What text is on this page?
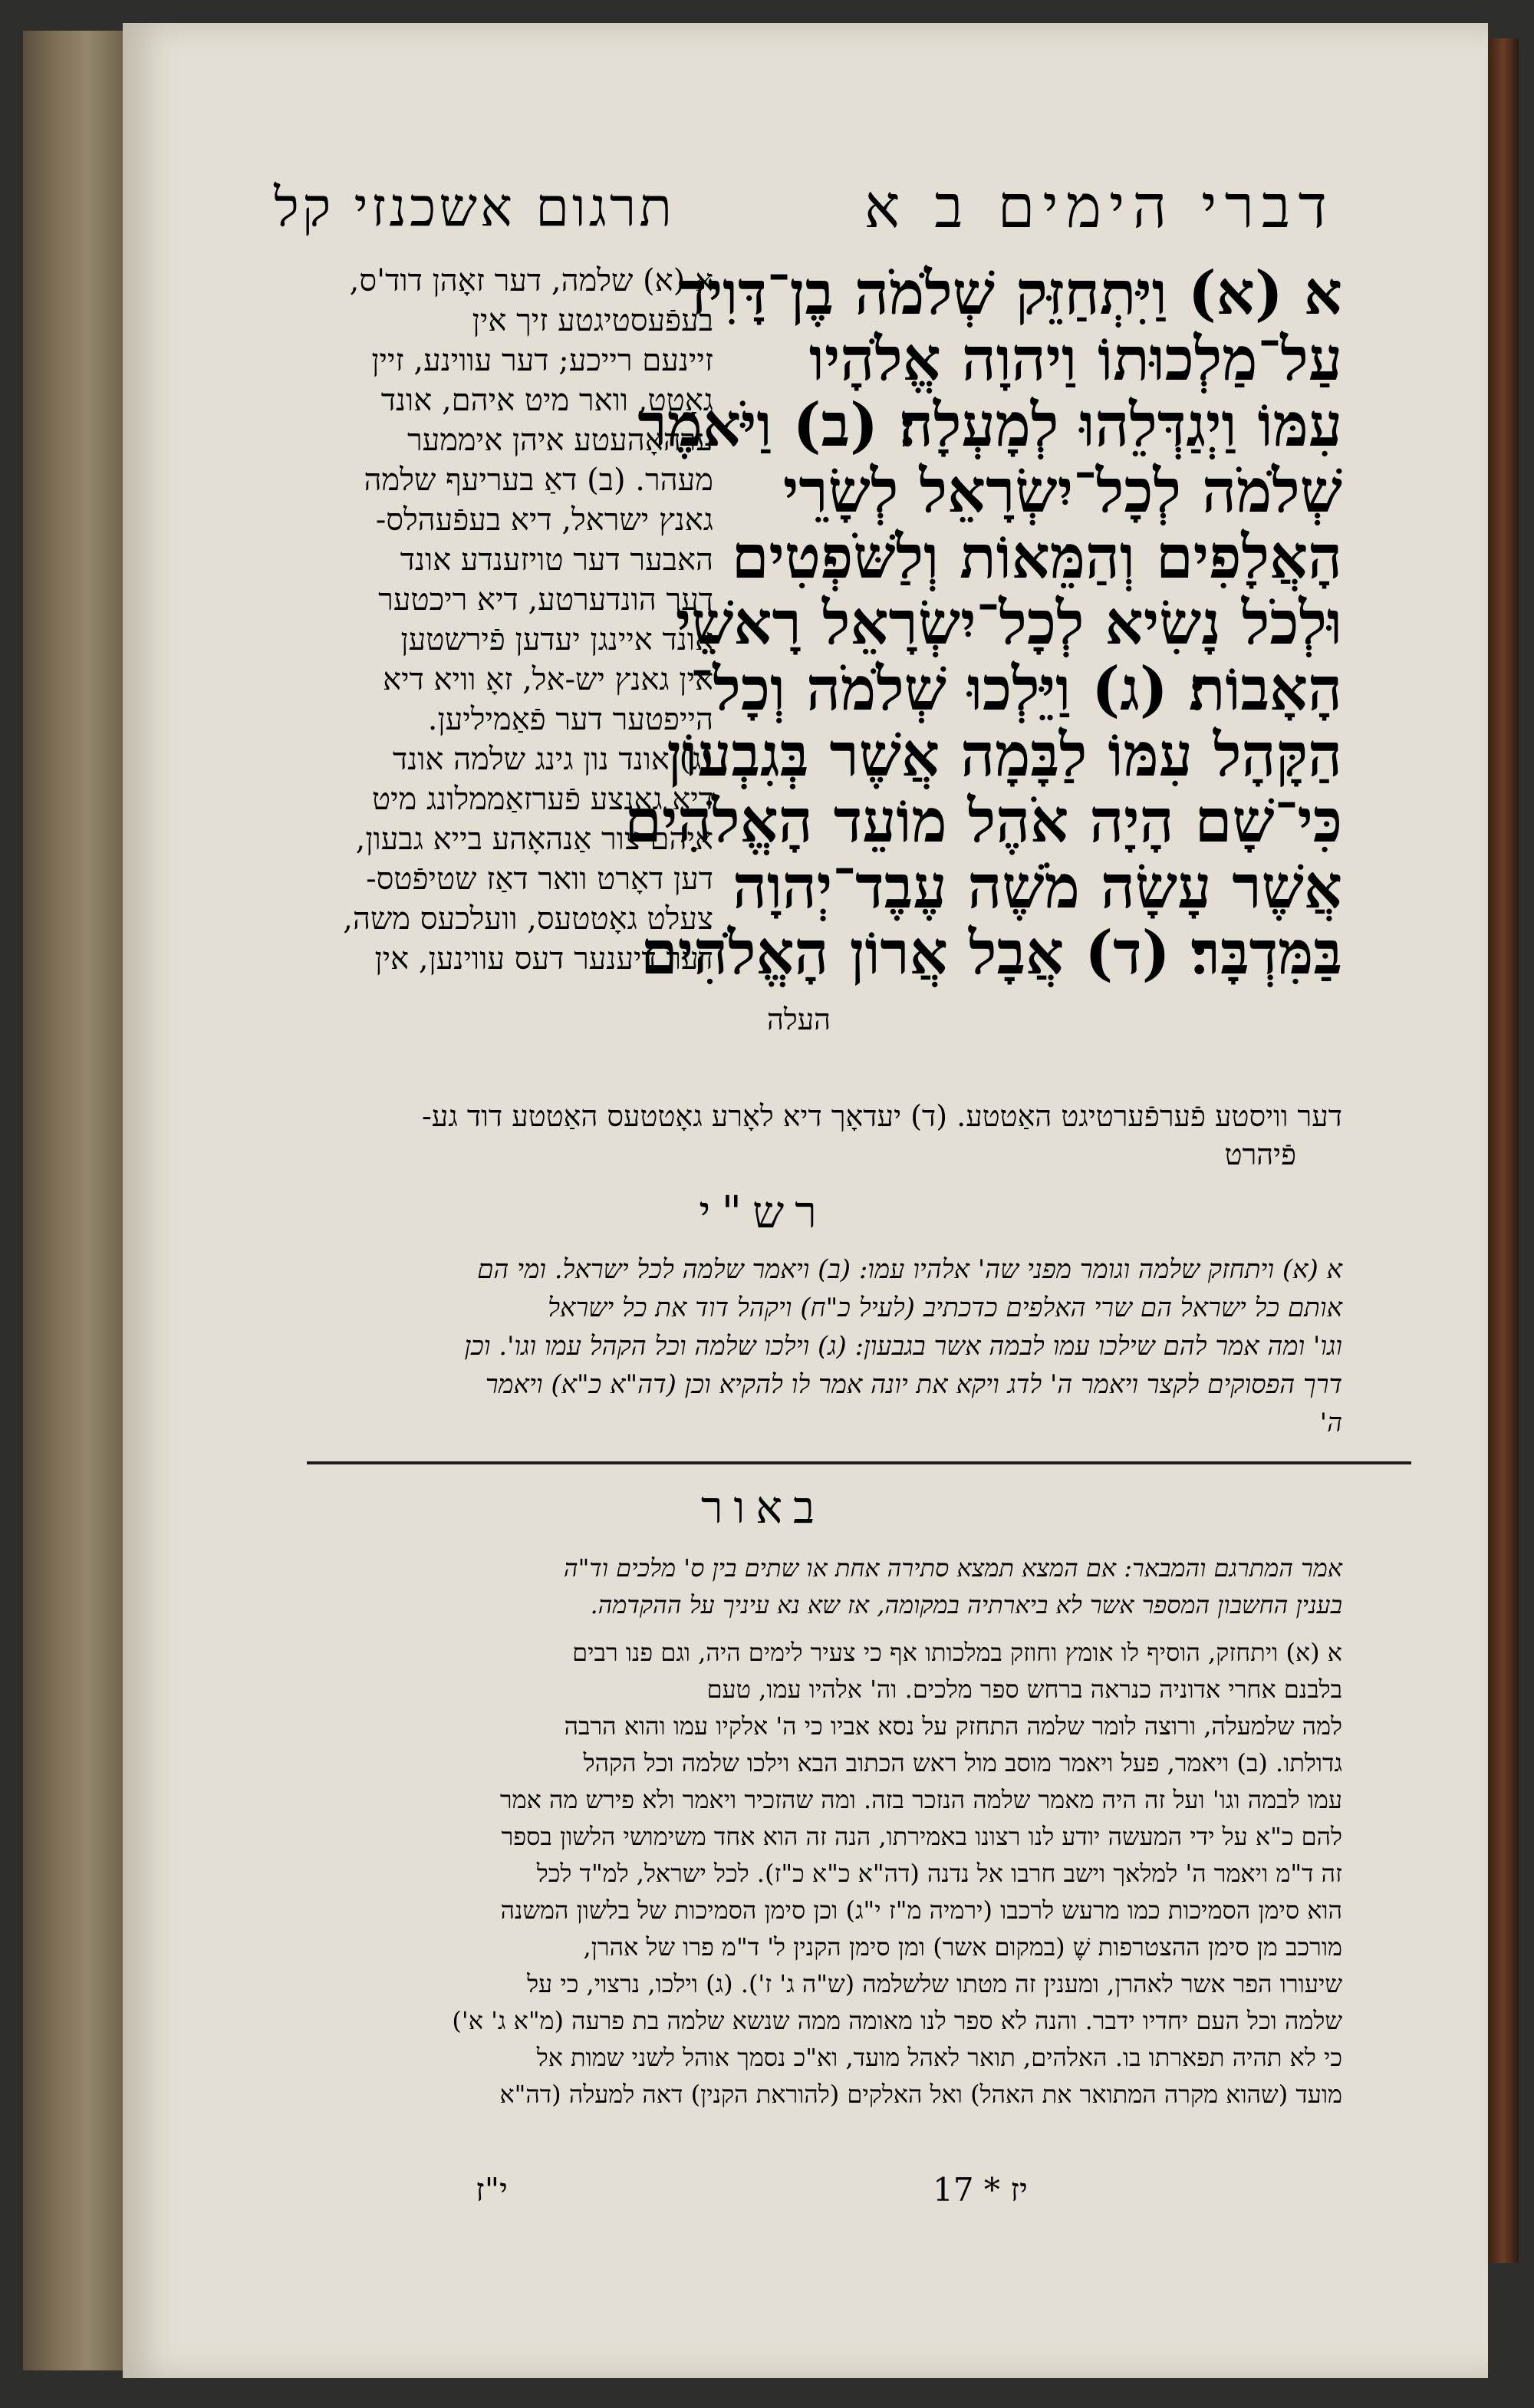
דברי הימים ב א
תרגום אשכנזי קל
א (א) וַיִּתְחַזֵּק שְׁלֹמֹה בֶן־דָּוִיד
עַל־מַלְכוּתוֹ וַיהוָה אֱלֹהָיו
עִמּוֹ וַיְגַדְּלֵהוּ לְמָעְלָה׃ (ב) וַיֹּאמֶר
שְׁלֹמֹה לְכָל־יִשְׂרָאֵל לְשָׂרֵי
הָאֲלָפִים וְהַמֵּאוֹת וְלַשֹּׁפְטִים
וּלְכֹל נָשִׂיא לְכָל־יִשְׂרָאֵל רָאשֵׁי
הָאָבוֹת׃ (ג) וַיֵּלְכוּ שְׁלֹמֹה וְכָל־
הַקָּהָל עִמּוֹ לַבָּמָה אֲשֶׁר בְּגִבְעוֹן
כִּי־שָׁם הָיָה אֹהֶל מוֹעֵד הָאֱלֹהִים
אֲשֶׁר עָשָׂה מֹשֶׁה עֶבֶד־יְהוָה
בַּמִּדְבָּר׃ (ד) אֲבָל אֲרוֹן הָאֱלֹהִים
העלה
א (א) שלמה, דער זאָהן דוד'ס,
בעפֿעסטיגטע זיך אין
זיינעם רייכע; דער עווינע, זיין
גאָטט, וואר מיט איהם, אונד
ערהאָהעטע איהן איממער
מעהר. (ב) דאַ בעריעף שלמה
גאנץ ישראל, דיא בעפֿעהלס-
האבער דער טויזענדע אונד
דער הונדערטע, דיא ריכטער
אונד איינגן יעדען פֿירשטען
אין גאנץ יש-אל, זאָ וויא דיא
הייפטער דער פֿאַמיליען.
(ג) אונד נון גינג שלמה אונד
דיא גאנצע פֿערזאַממלונג מיט
איהם צור אַנהאָהע בייא גבעון,
דען דאָרט וואר דאַז שטיפֿטס-
צעלט גאָטטעס, וועלכעס משה,
דער דיענער דעס עווינען, אין
דער וויסטע פֿערפֿערטיגט האַטטע. (ד) יעדאָך דיא לאָרע גאָטטעס האַטטע דוד גע-
פֿיהרט
רש"י
א (א) ויתחזק שלמה וגומר מפני שה' אלהיו עמו: (ב) ויאמר שלמה לכל ישראל. ומי הם
אותם כל ישראל הם שרי האלפים כדכתיב (לעיל כ"ח) ויקהל דוד את כל ישראל
וגו' ומה אמר להם שילכו עמו לבמה אשר בגבעון: (ג) וילכו שלמה וכל הקהל עמו וגו'. וכן
דרך הפסוקים לקצר ויאמר ה' לדג ויקא את יונה אמר לו להקיא וכן (דה"א כ"א) ויאמר
ה'
באור
אמר המתרגם והמבאר: אם המצא תמצא סתירה אחת או שתים בין ס' מלכים וד"ה
בענין החשבון המספר אשר לא ביארתיה במקומה, אז שא נא עיניך על ההקדמה.
א (א) ויתחזק, הוסיף לו אומץ וחוזק במלכותו אף כי צעיר לימים היה, וגם פנו רבים
בלבנם אחרי אדוניה כנראה ברחש ספר מלכים. וה' אלהיו עמו, טעם
למה שלמעלה, ורוצה לומר שלמה התחזק על נסא אביו כי ה' אלקיו עמו והוא הרבה
גדולתו. (ב) ויאמר, פעל ויאמר מוסב מול ראש הכתוב הבא וילכו שלמה וכל הקהל
עמו לבמה וגו' ועל זה היה מאמר שלמה הנזכר בזה. ומה שהזכיר ויאמר ולא פירש מה אמר
להם כ"א על ידי המעשה יודע לנו רצונו באמירתו, הנה זה הוא אחד משימושי הלשון בספר
זה ד"מ ויאמר ה' למלאך וישב חרבו אל נדנה (דה"א כ"א כ"ז). לכל ישראל, למ"ד לכל
הוא סימן הסמיכות כמו מרעש לרכבו (ירמיה מ"ז י"ג) וכן סימן הסמיכות של בלשון המשנה
מורכב מן סימן ההצטרפות שֶׁ (במקום אשר) ומן סימן הקנין ל' ד"מ פרו של אהרן,
שיעורו הפר אשר לאהרן, ומענין זה מטתו שלשלמה (ש"ה ג' ז'). (ג) וילכו, נרצוי, כי על
שלמה וכל העם יחדיו ידבר. והנה לא ספר לנו מאומה ממה שנשא שלמה בת פרעה (מ"א ג' א')
כי לא תהיה תפארתו בו. האלהים, תואר לאהל מועד, וא"כ נסמך אוהל לשני שמות אל
מועד (שהוא מקרה המתואר את האהל) ואל האלקים (להוראת הקנין) דאה למעלה (דה"א
יז * 17
י"ז
